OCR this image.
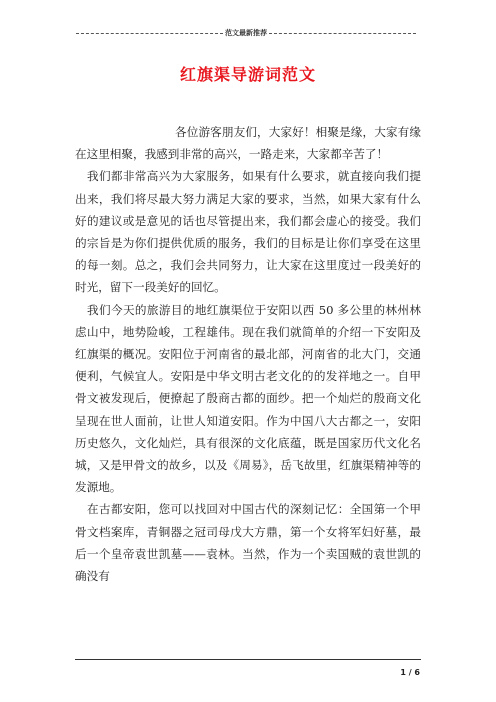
范文最新推荐
红旗渠导游词范文

各位游客朋友们，大家好！相聚是缘，大家有缘在这里相聚，我感到非常的高兴，一路走来，大家都辛苦了！

我们都非常高兴为大家服务，如果有什么要求，就直接向我们提出来，我们将尽最大努力满足大家的要求，当然，如果大家有什么好的建议或是意见的话也尽管提出来，我们都会虚心的接受。我们的宗旨是为你们提供优质的服务，我们的目标是让你们享受在这里的每一刻。总之，我们会共同努力，让大家在这里度过一段美好的时光，留下一段美好的回忆。

我们今天的旅游目的地红旗渠位于安阳以西 50 多公里的林州林虑山中，地势险峻，工程雄伟。现在我们就简单的介绍一下安阳及红旗渠的概况。安阳位于河南省的最北部，河南省的北大门，交通便利，气候宜人。安阳是中华文明古老文化的的发祥地之一。自甲骨文被发现后，便撩起了殷商古都的面纱。把一个灿烂的殷商文化呈现在世人面前，让世人知道安阳。作为中国八大古都之一，安阳历史悠久，文化灿烂，具有很深的文化底蕴，既是国家历代文化名城，又是甲骨文的故乡，以及《周易》，岳飞故里，红旗渠精神等的发源地。

在古都安阳，您可以找回对中国古代的深刻记忆：全国第一个甲骨文档案库，青铜器之冠司母戊大方鼎，第一个女将军妇好墓，最后一个皇帝袁世凯墓——袁林。当然，作为一个卖国贼的袁世凯的确没有

1 / 6
